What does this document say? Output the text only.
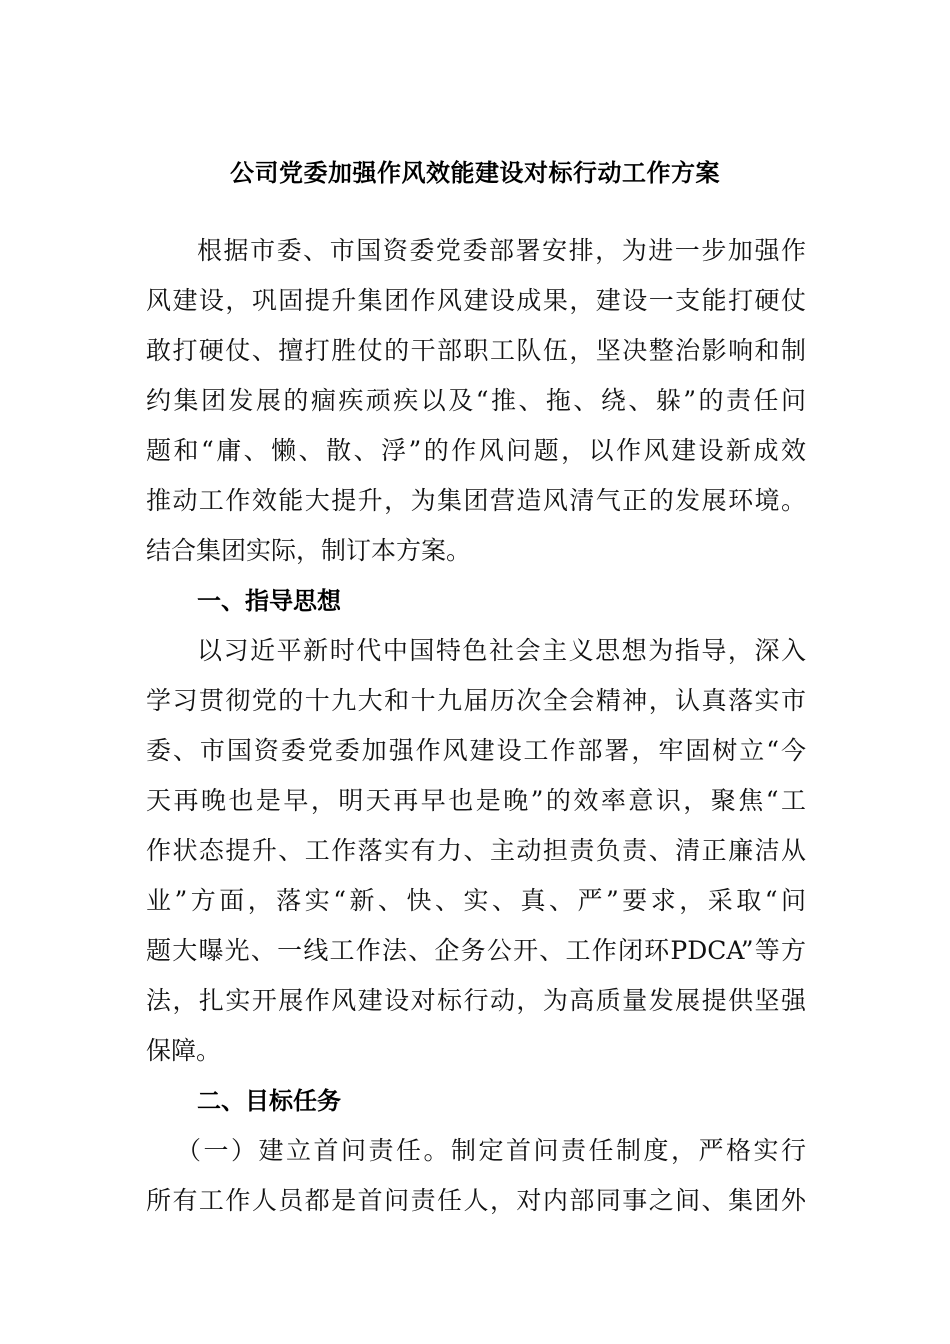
公司党委加强作风效能建设对标行动工作方案
根据市委、市国资委党委部署安排，为进一步加强作
风建设，巩固提升集团作风建设成果，建设一支能打硬仗
敢打硬仗、擅打胜仗的干部职工队伍，坚决整治影响和制
约集团发展的痼疾顽疾以及“推、拖、绕、躲”的责任问
题和“庸、懒、散、浮”的作风问题，以作风建设新成效
推动工作效能大提升，为集团营造风清气正的发展环境。
结合集团实际，制订本方案。
一、指导思想
以习近平新时代中国特色社会主义思想为指导，深入
学习贯彻党的十九大和十九届历次全会精神，认真落实市
委、市国资委党委加强作风建设工作部署，牢固树立“今
天再晚也是早，明天再早也是晚”的效率意识，聚焦“工
作状态提升、工作落实有力、主动担责负责、清正廉洁从
业”方面，落实“新、快、实、真、严”要求，采取“问
题大曝光、一线工作法、企务公开、工作闭环PDCA”等方
法，扎实开展作风建设对标行动，为高质量发展提供坚强
保障。
二、目标任务
（一）建立首问责任。制定首问责任制度，严格实行
所有工作人员都是首问责任人，对内部同事之间、集团外
